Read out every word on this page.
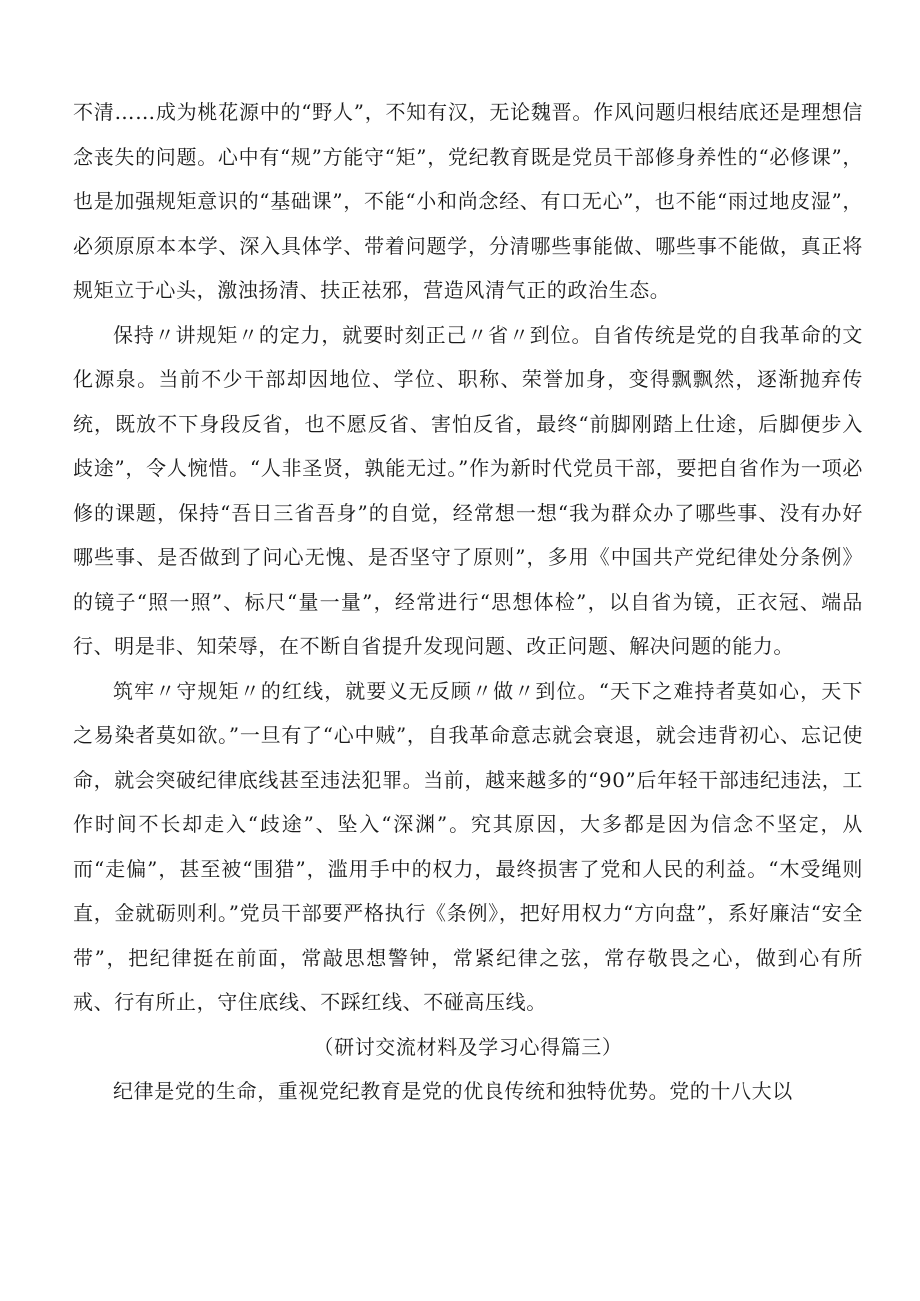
不清……成为桃花源中的“野人”，不知有汉，无论魏晋。作风问题归根结底还是理想信念丧失的问题。心中有“规”方能守“矩”，党纪教育既是党员干部修身养性的“必修课”，也是加强规矩意识的“基础课”，不能“小和尚念经、有口无心”，也不能“雨过地皮湿”，必须原原本本学、深入具体学、带着问题学，分清哪些事能做、哪些事不能做，真正将规矩立于心头，激浊扬清、扶正祛邪，营造风清气正的政治生态。

保持〃讲规矩〃的定力，就要时刻正己〃省〃到位。自省传统是党的自我革命的文化源泉。当前不少干部却因地位、学位、职称、荣誉加身，变得飘飘然，逐渐抛弃传统，既放不下身段反省，也不愿反省、害怕反省，最终“前脚刚踏上仕途，后脚便步入歧途”，令人惋惜。“人非圣贤，孰能无过。”作为新时代党员干部，要把自省作为一项必修的课题，保持“吾日三省吾身”的自觉，经常想一想“我为群众办了哪些事、没有办好哪些事、是否做到了问心无愧、是否坚守了原则”，多用《中国共产党纪律处分条例》的镜子“照一照”、标尺“量一量”，经常进行“思想体检”，以自省为镜，正衣冠、端品行、明是非、知荣辱，在不断自省提升发现问题、改正问题、解决问题的能力。

筑牢〃守规矩〃的红线，就要义无反顾〃做〃到位。“天下之难持者莫如心，天下之易染者莫如欲。”一旦有了“心中贼”，自我革命意志就会衰退，就会违背初心、忘记使命，就会突破纪律底线甚至违法犯罪。当前，越来越多的“90”后年轻干部违纪违法，工作时间不长却走入“歧途”、坠入“深渊”。究其原因，大多都是因为信念不坚定，从而“走偏”，甚至被“围猎”，滥用手中的权力，最终损害了党和人民的利益。“木受绳则直，金就砺则利。”党员干部要严格执行《条例》，把好用权力“方向盘”，系好廉洁“安全带”，把纪律挺在前面，常敲思想警钟，常紧纪律之弦，常存敬畏之心，做到心有所戒、行有所止，守住底线、不踩红线、不碰高压线。

（研讨交流材料及学习心得篇三）

纪律是党的生命，重视党纪教育是党的优良传统和独特优势。党的十八大以
